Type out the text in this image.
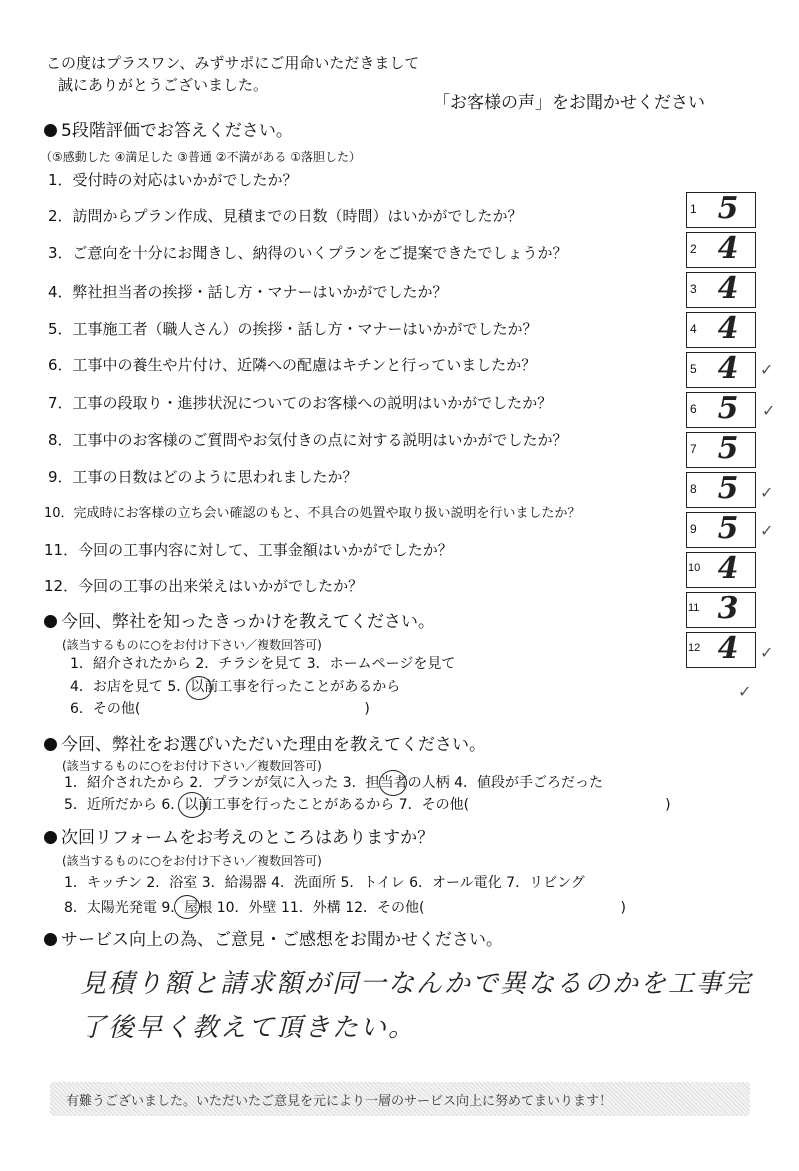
この度はプラスワン、みずサポにご用命いただきまして
誠にありがとうございました。
「お客様の声」をお聞かせください
5段階評価でお答えください。
（⑤感動した ④満足した ③普通 ②不満がある ①落胆した）
1．受付時の対応はいかがでしたか？
2．訪問からプラン作成、見積までの日数（時間）はいかがでしたか？
3．ご意向を十分にお聞きし、納得のいくプランをご提案できたでしょうか？
4．弊社担当者の挨拶・話し方・マナーはいかがでしたか？
5．工事施工者（職人さん）の挨拶・話し方・マナーはいかがでしたか？
6．工事中の養生や片付け、近隣への配慮はキチンと行っていましたか？
7．工事の段取り・進捗状況についてのお客様への説明はいかがでしたか？
8．工事中のお客様のご質問やお気付きの点に対する説明はいかがでしたか？
9．工事の日数はどのように思われましたか？
10．完成時にお客様の立ち会い確認のもと、不具合の処置や取り扱い説明を行いましたか？
11．今回の工事内容に対して、工事金額はいかがでしたか？
12．今回の工事の出来栄えはいかがでしたか？
1 5
2 4
3 4
4 4
5 4
6 5
7 5
8 5
9 5
10 4
11 3
12 4
✓
✓
✓
✓
✓
✓
今回、弊社を知ったきっかけを教えてください。
(該当するものに○をお付け下さい／複数回答可)
1．紹介されたから 2．チラシを見て 3．ホームページを見て
4．お店を見て 5．以前工事を行ったことがあるから
6．その他(　　　　　　　　　　　　　　　　)
今回、弊社をお選びいただいた理由を教えてください。
(該当するものに○をお付け下さい／複数回答可)
1．紹介されたから 2．プランが気に入った 3．担当者の人柄 4．値段が手ごろだった
5．近所だから 6．以前工事を行ったことがあるから 7．その他(　　　　　　　　　　　　　　)
次回リフォームをお考えのところはありますか？
(該当するものに○をお付け下さい／複数回答可)
1．キッチン 2．浴室 3．給湯器 4．洗面所 5．トイレ 6．オール電化 7．リビング
8．太陽光発電 9．屋根 10．外壁 11．外構 12．その他(　　　　　　　　　　　　　　)
サービス向上の為、ご意見・ご感想をお聞かせください。
見積り額と請求額が同一なんかで異なるのかを工事完了後早く教えて頂きたい。
有難うございました。いただいたご意見を元により一層のサービス向上に努めてまいります！
